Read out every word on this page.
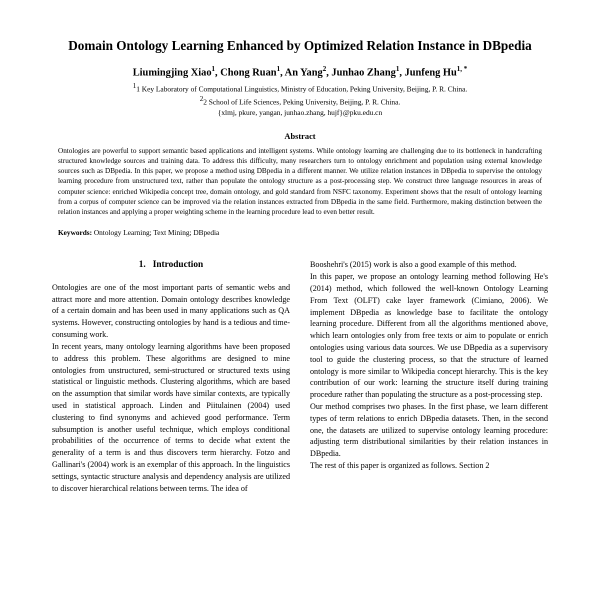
Domain Ontology Learning Enhanced by Optimized Relation Instance in DBpedia
Liumingjing Xiao$^1$, Chong Ruan$^1$, An Yang$^2$, Junhao Zhang$^1$, Junfeng $Hu^{1, *}$
$^1$1 Key Laboratory of Computational Linguistics, Ministry of Education, Peking University, Beijing, P. R. China.
$^2$2 School of Life Sciences, Peking University, Beijing, P. R. China.
{xlmj, pkure, yangan, junhao.zhang, hujf}@pku.edu.cn
Abstract
Ontologies are powerful to support semantic based applications and intelligent systems. While ontology learning are challenging due to its bottleneck in handcrafting structured knowledge sources and training data. To address this difficulty, many researchers turn to ontology enrichment and population using external knowledge sources such as DBpedia. In this paper, we propose a method using DBpedia in a different manner. We utilize relation instances in DBpedia to supervise the ontology learning procedure from unstructured text, rather than populate the ontology structure as a post-processing step. We construct three language resources in areas of computer science: enriched Wikipedia concept tree, domain ontology, and gold standard from NSFC taxonomy. Experiment shows that the result of ontology learning from a corpus of computer science can be improved via the relation instances extracted from DBpedia in the same field. Furthermore, making distinction between the relation instances and applying a proper weighting scheme in the learning procedure lead to even better result.
Keywords: Ontology Learning; Text Mining; DBpedia
1. Introduction

Ontologies are one of the most important parts of semantic webs and attract more and more attention. Domain ontology describes knowledge of a certain domain and has been used in many applications such as QA systems. However, constructing ontologies by hand is a tedious and time-consuming work.

In recent years, many ontology learning algorithms have been proposed to address this problem. These algorithms are designed to mine ontologies from unstructured, semi-structured or structured texts using statistical or linguistic methods. Clustering algorithms, which are based on the assumption that similar words have similar contexts, are typically used in statistical approach. Linden and Piitulainen (2004) used clustering to find synonyms and achieved good performance. Term subsumption is another useful technique, which employs conditional probabilities of the occurrence of terms to decide what extent the generality of a term is and thus discovers term hierarchy. Fotzo and Gallinari's (2004) work is an exemplar of this approach. In the linguistics settings, syntactic structure analysis and dependency analysis are utilized to discover hierarchical relations between terms. The idea of

Booshehri's (2015) work is also a good example of this method.

In this paper, we propose an ontology learning method following He's (2014) method, which followed the well-known Ontology Learning From Text (OLFT) cake layer framework (Cimiano, 2006). We implement DBpedia as knowledge base to facilitate the ontology learning procedure. Different from all the algorithms mentioned above, which learn ontologies only from free texts or aim to populate or enrich ontologies using various data sources. We use DBpedia as a supervisory tool to guide the clustering process, so that the structure of learned ontology is more similar to Wikipedia concept hierarchy. This is the key contribution of our work: learning the structure itself during training procedure rather than populating the structure as a post-processing step.

Our method comprises two phases. In the first phase, we learn different types of term relations to enrich DBpedia datasets. Then, in the second one, the datasets are utilized to supervise ontology learning procedure: adjusting term distributional similarities by their relation instances in DBpedia.

The rest of this paper is organized as follows. Section 2
